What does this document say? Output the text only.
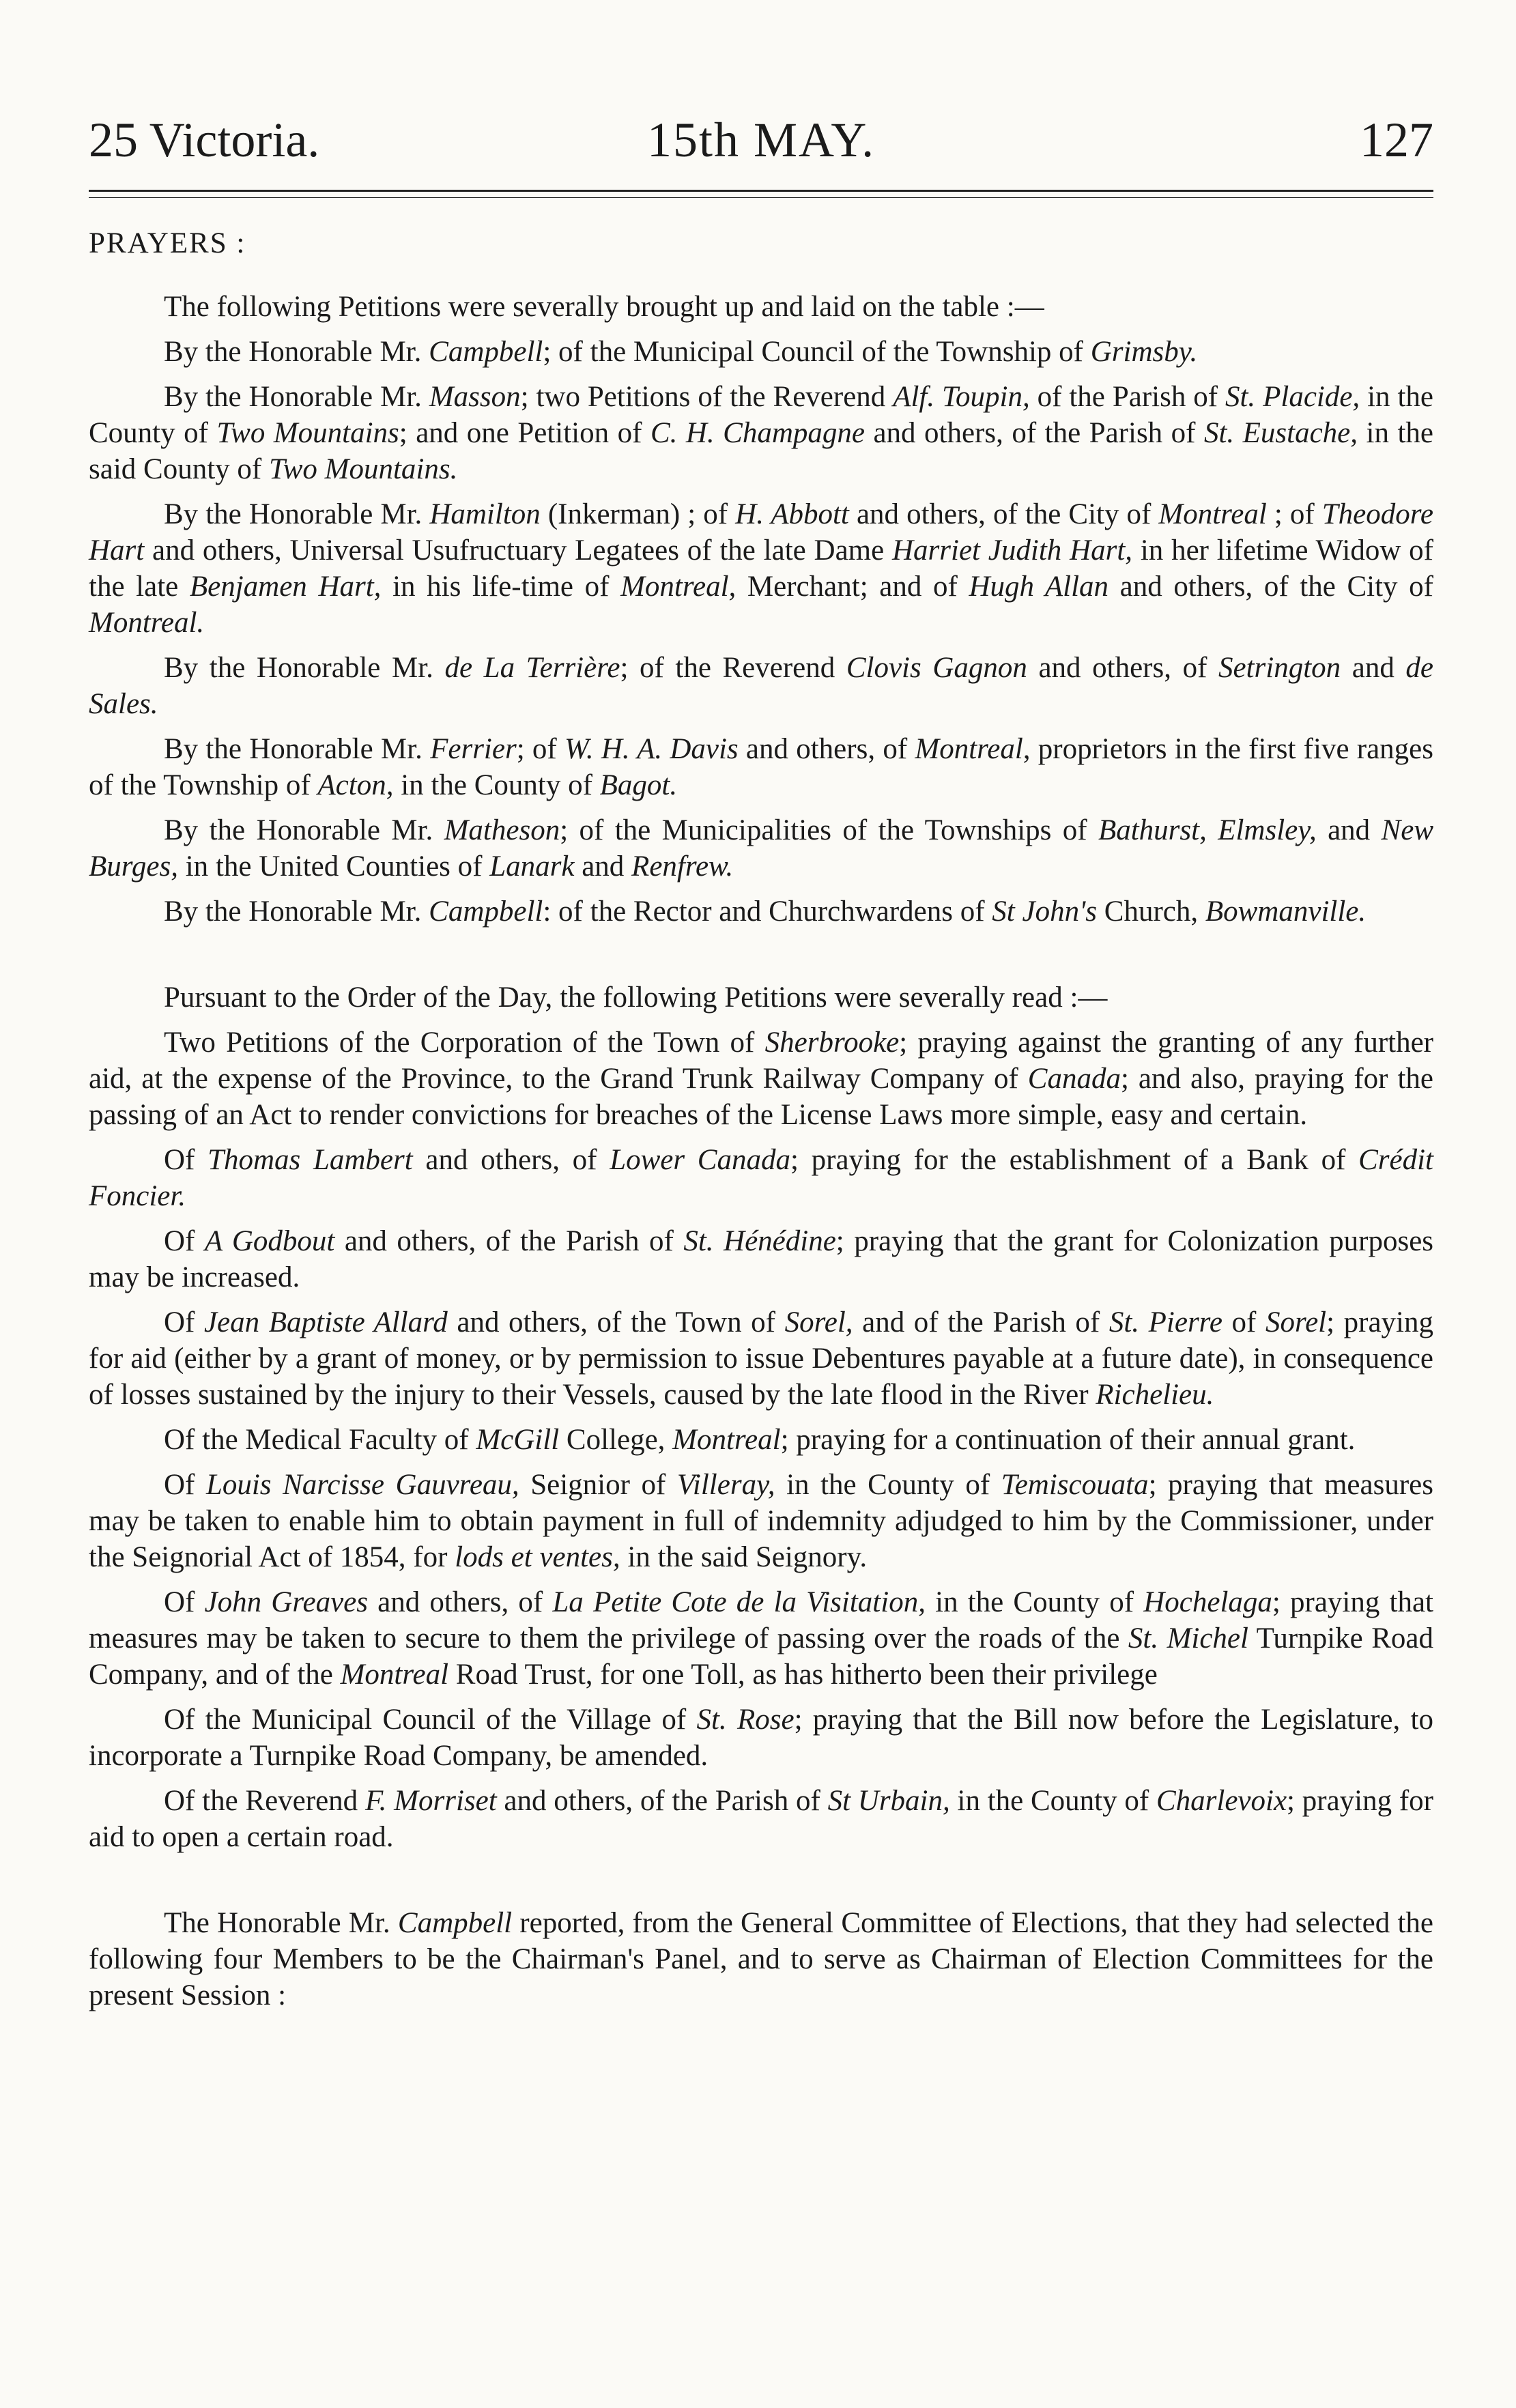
25 Victoria.	15th MAY.	127
PRAYERS :

The following Petitions were severally brought up and laid on the table :—

By the Honorable Mr. Campbell; of the Municipal Council of the Township of Grimsby.

By the Honorable Mr. Masson; two Petitions of the Reverend Alf. Toupin, of the Parish of St. Placide, in the County of Two Mountains; and one Petition of C. H. Champagne and others, of the Parish of St. Eustache, in the said County of Two Mountains.

By the Honorable Mr. Hamilton (Inkerman) ; of H. Abbott and others, of the City of Montreal ; of Theodore Hart and others, Universal Usufructuary Legatees of the late Dame Harriet Judith Hart, in her lifetime Widow of the late Benjamen Hart, in his life-time of Montreal, Merchant; and of Hugh Allan and others, of the City of Montreal.

By the Honorable Mr. de La Terrière; of the Reverend Clovis Gagnon and others, of Setrington and de Sales.

By the Honorable Mr. Ferrier; of W. H. A. Davis and others, of Montreal, proprietors in the first five ranges of the Township of Acton, in the County of Bagot.

By the Honorable Mr. Matheson; of the Municipalities of the Townships of Bathurst, Elmsley, and New Burges, in the United Counties of Lanark and Renfrew.

By the Honorable Mr. Campbell: of the Rector and Churchwardens of St John's Church, Bowmanville.

Pursuant to the Order of the Day, the following Petitions were severally read :—

Two Petitions of the Corporation of the Town of Sherbrooke; praying against the granting of any further aid, at the expense of the Province, to the Grand Trunk Railway Company of Canada; and also, praying for the passing of an Act to render convictions for breaches of the License Laws more simple, easy and certain.

Of Thomas Lambert and others, of Lower Canada; praying for the establishment of a Bank of Crédit Foncier.

Of A Godbout and others, of the Parish of St. Hénédine; praying that the grant for Colonization purposes may be increased.

Of Jean Baptiste Allard and others, of the Town of Sorel, and of the Parish of St. Pierre of Sorel; praying for aid (either by a grant of money, or by permission to issue Debentures payable at a future date), in consequence of losses sustained by the injury to their Vessels, caused by the late flood in the River Richelieu.

Of the Medical Faculty of McGill College, Montreal; praying for a continuation of their annual grant.

Of Louis Narcisse Gauvreau, Seignior of Villeray, in the County of Temiscouata; praying that measures may be taken to enable him to obtain payment in full of indemnity adjudged to him by the Commissioner, under the Seignorial Act of 1854, for lods et ventes, in the said Seignory.

Of John Greaves and others, of La Petite Cote de la Visitation, in the County of Hochelaga; praying that measures may be taken to secure to them the privilege of passing over the roads of the St. Michel Turnpike Road Company, and of the Montreal Road Trust, for one Toll, as has hitherto been their privilege

Of the Municipal Council of the Village of St. Rose; praying that the Bill now before the Legislature, to incorporate a Turnpike Road Company, be amended.

Of the Reverend F. Morriset and others, of the Parish of St Urbain, in the County of Charlevoix; praying for aid to open a certain road.

The Honorable Mr. Campbell reported, from the General Committee of Elections, that they had selected the following four Members to be the Chairman's Panel, and to serve as Chairman of Election Committees for the present Session :
